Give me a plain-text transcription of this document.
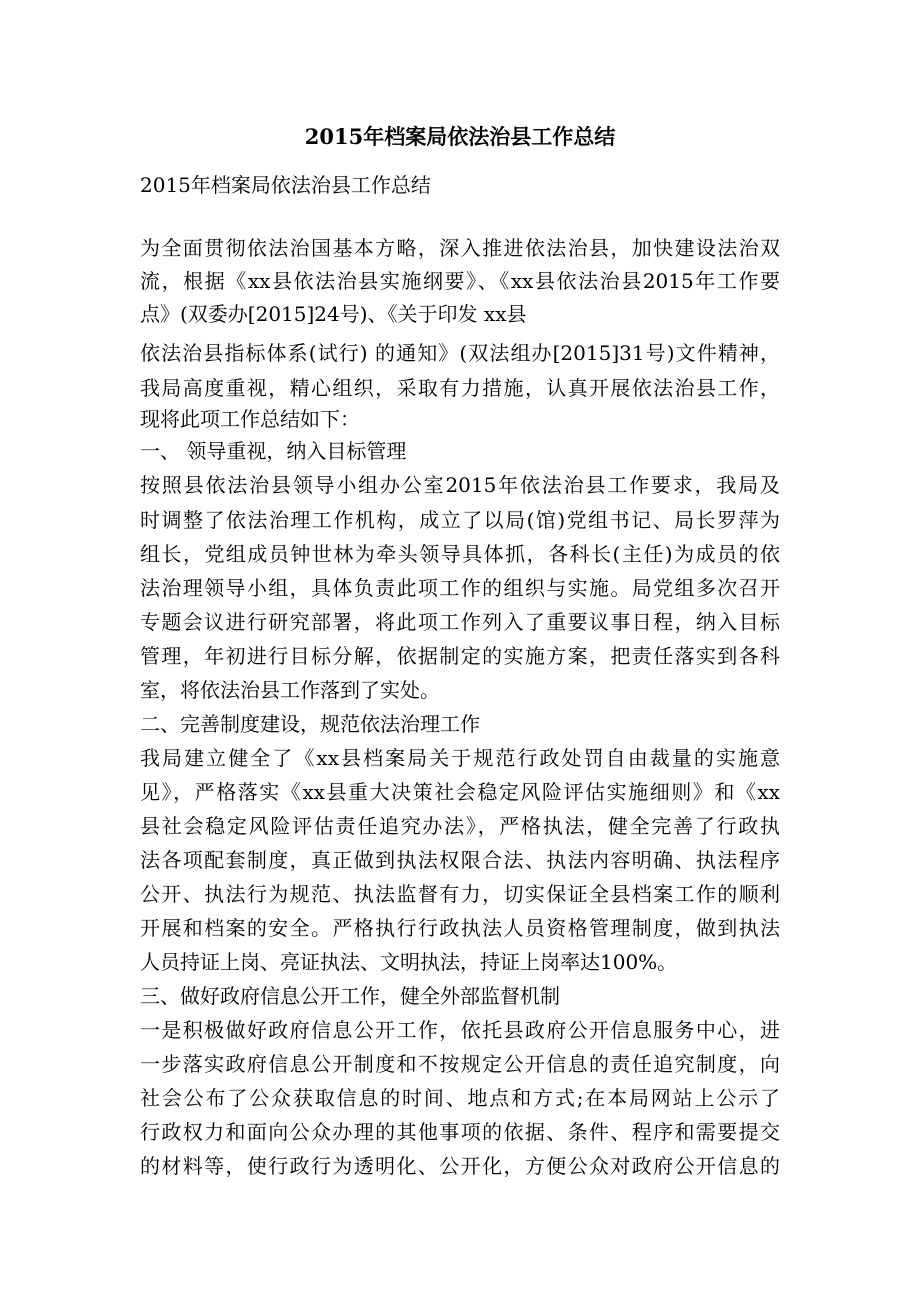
2015年档案局依法治县工作总结
2015年档案局依法治县工作总结
为全面贯彻依法治国基本方略，深入推进依法治县，加快建设法治双
流，根据《xx县依法治县实施纲要》、《xx县依法治县2015年工作要
点》(双委办[2015]24号)、《关于印发 xx县
依法治县指标体系(试行) 的通知》(双法组办[2015]31号)文件精神，
我局高度重视，精心组织，采取有力措施，认真开展依法治县工作，
现将此项工作总结如下：
一、 领导重视，纳入目标管理
按照县依法治县领导小组办公室2015年依法治县工作要求，我局及
时调整了依法治理工作机构，成立了以局(馆)党组书记、局长罗萍为
组长，党组成员钟世林为牵头领导具体抓，各科长(主任)为成员的依
法治理领导小组，具体负责此项工作的组织与实施。局党组多次召开
专题会议进行研究部署，将此项工作列入了重要议事日程，纳入目标
管理，年初进行目标分解，依据制定的实施方案，把责任落实到各科
室，将依法治县工作落到了实处。
二、完善制度建设，规范依法治理工作
我局建立健全了《xx县档案局关于规范行政处罚自由裁量的实施意
见》，严格落实《xx县重大决策社会稳定风险评估实施细则》和《xx
县社会稳定风险评估责任追究办法》，严格执法，健全完善了行政执
法各项配套制度，真正做到执法权限合法、执法内容明确、执法程序
公开、执法行为规范、执法监督有力，切实保证全县档案工作的顺利
开展和档案的安全。严格执行行政执法人员资格管理制度，做到执法
人员持证上岗、亮证执法、文明执法，持证上岗率达100%。
三、做好政府信息公开工作，健全外部监督机制
一是积极做好政府信息公开工作，依托县政府公开信息服务中心，进
一步落实政府信息公开制度和不按规定公开信息的责任追究制度，向
社会公布了公众获取信息的时间、地点和方式;在本局网站上公示了
行政权力和面向公众办理的其他事项的依据、条件、程序和需要提交
的材料等，使行政行为透明化、公开化，方便公众对政府公开信息的
